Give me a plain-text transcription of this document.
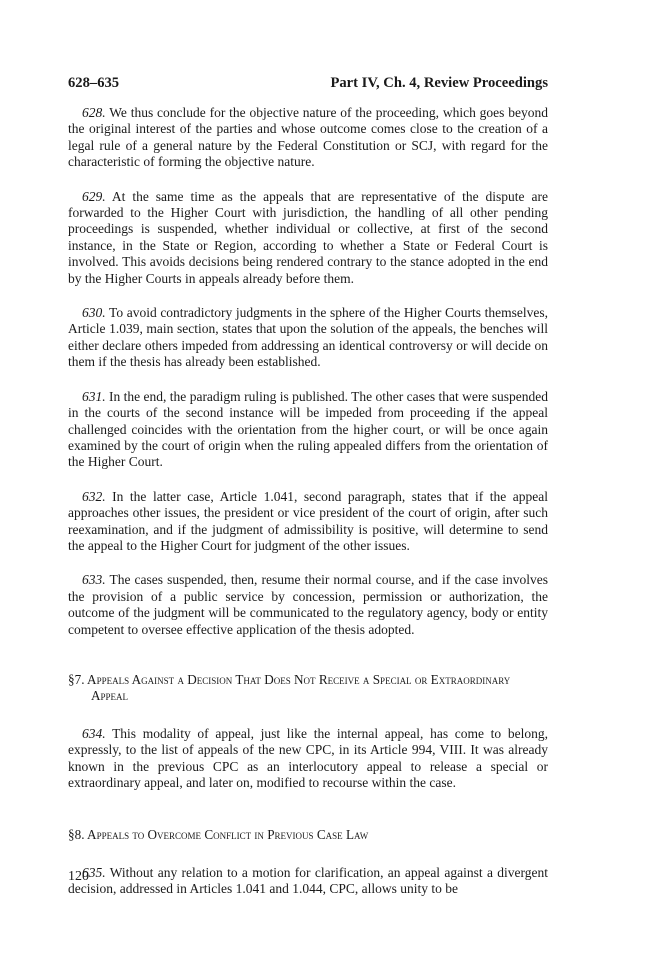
628–635	Part IV, Ch. 4, Review Proceedings

628. We thus conclude for the objective nature of the proceeding, which goes beyond the original interest of the parties and whose outcome comes close to the creation of a legal rule of a general nature by the Federal Constitution or SCJ, with regard for the characteristic of forming the objective nature.

629. At the same time as the appeals that are representative of the dispute are forwarded to the Higher Court with jurisdiction, the handling of all other pending proceedings is suspended, whether individual or collective, at first of the second instance, in the State or Region, according to whether a State or Federal Court is involved. This avoids decisions being rendered contrary to the stance adopted in the end by the Higher Courts in appeals already before them.

630. To avoid contradictory judgments in the sphere of the Higher Courts themselves, Article 1.039, main section, states that upon the solution of the appeals, the benches will either declare others impeded from addressing an identical controversy or will decide on them if the thesis has already been established.

631. In the end, the paradigm ruling is published. The other cases that were suspended in the courts of the second instance will be impeded from proceeding if the appeal challenged coincides with the orientation from the higher court, or will be once again examined by the court of origin when the ruling appealed differs from the orientation of the Higher Court.

632. In the latter case, Article 1.041, second paragraph, states that if the appeal approaches other issues, the president or vice president of the court of origin, after such reexamination, and if the judgment of admissibility is positive, will determine to send the appeal to the Higher Court for judgment of the other issues.

633. The cases suspended, then, resume their normal course, and if the case involves the provision of a public service by concession, permission or authorization, the outcome of the judgment will be communicated to the regulatory agency, body or entity competent to oversee effective application of the thesis adopted.

§7. Appeals Against a Decision That Does Not Receive a Special or Extraordinary Appeal

634. This modality of appeal, just like the internal appeal, has come to belong, expressly, to the list of appeals of the new CPC, in its Article 994, VIII. It was already known in the previous CPC as an interlocutory appeal to release a special or extraordinary appeal, and later on, modified to recourse within the case.

§8. Appeals to Overcome Conflict in Previous Case Law

635. Without any relation to a motion for clarification, an appeal against a divergent decision, addressed in Articles 1.041 and 1.044, CPC, allows unity to be

120
